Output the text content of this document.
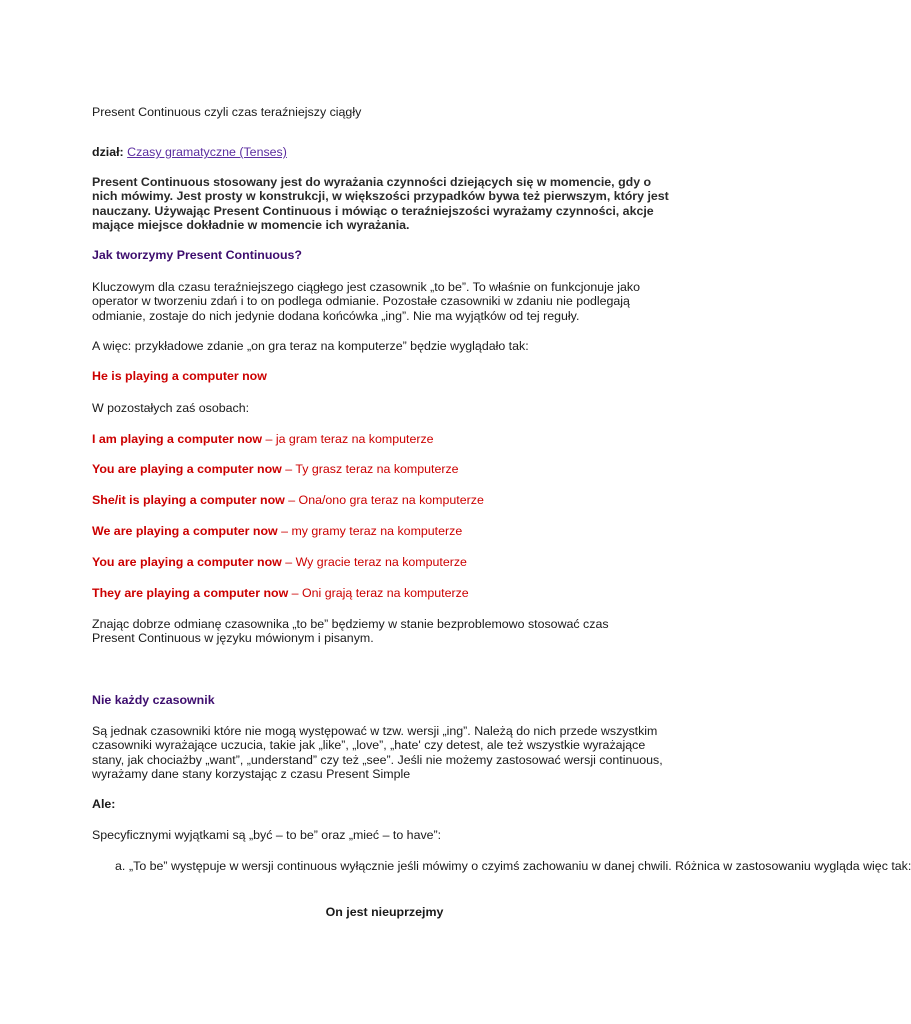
Present Continuous czyli czas teraźniejszy ciągły
dział: Czasy gramatyczne (Tenses)

Present Continuous stosowany jest do wyrażania czynności dziejących się w momencie, gdy o nich mówimy. Jest prosty w konstrukcji, w większości przypadków bywa też pierwszym, który jest nauczany. Używając Present Continuous i mówiąc o teraźniejszości wyrażamy czynności, akcje mające miejsce dokładnie w momencie ich wyrażania.

Jak tworzymy Present Continuous?

Kluczowym dla czasu teraźniejszego ciągłego jest czasownik „to be”. To właśnie on funkcjonuje jako operator w tworzeniu zdań i to on podlega odmianie. Pozostałe czasowniki w zdaniu nie podlegają odmianie, zostaje do nich jedynie dodana końcówka „ing”. Nie ma wyjątków od tej reguły.

A więc: przykładowe zdanie „on gra teraz na komputerze” będzie wyglądało tak:
He is playing a computer now
W pozostałych zaś osobach:
I am playing a computer now – ja gram teraz na komputerze
You are playing a computer now – Ty grasz teraz na komputerze
She/it is playing a computer now – Ona/ono gra teraz na komputerze
We are playing a computer now – my gramy teraz na komputerze
You are playing a computer now – Wy gracie teraz na komputerze
They are playing a computer now – Oni grają teraz na komputerze

Znając dobrze odmianę czasownika „to be” będziemy w stanie bezproblemowo stosować czas Present Continuous w języku mówionym i pisanym.

Nie każdy czasownik

Są jednak czasowniki które nie mogą występować w tzw. wersji „ing”. Należą do nich przede wszystkim czasowniki wyrażające uczucia, takie jak „like”, „love”, „hate' czy detest, ale też wszystkie wyrażające stany, jak chociażby „want”, „understand” czy też „see”. Jeśli nie możemy zastosować wersji continuous, wyrażamy dane stany korzystając z czasu Present Simple

Ale:
Specyficznymi wyjątkami są „być – to be” oraz „mieć – to have”:
a. „To be” występuje w wersji continuous wyłącznie jeśli mówimy o czyimś zachowaniu w danej chwili. Różnica w zastosowaniu wygląda więc tak:

On jest nieuprzejmy
